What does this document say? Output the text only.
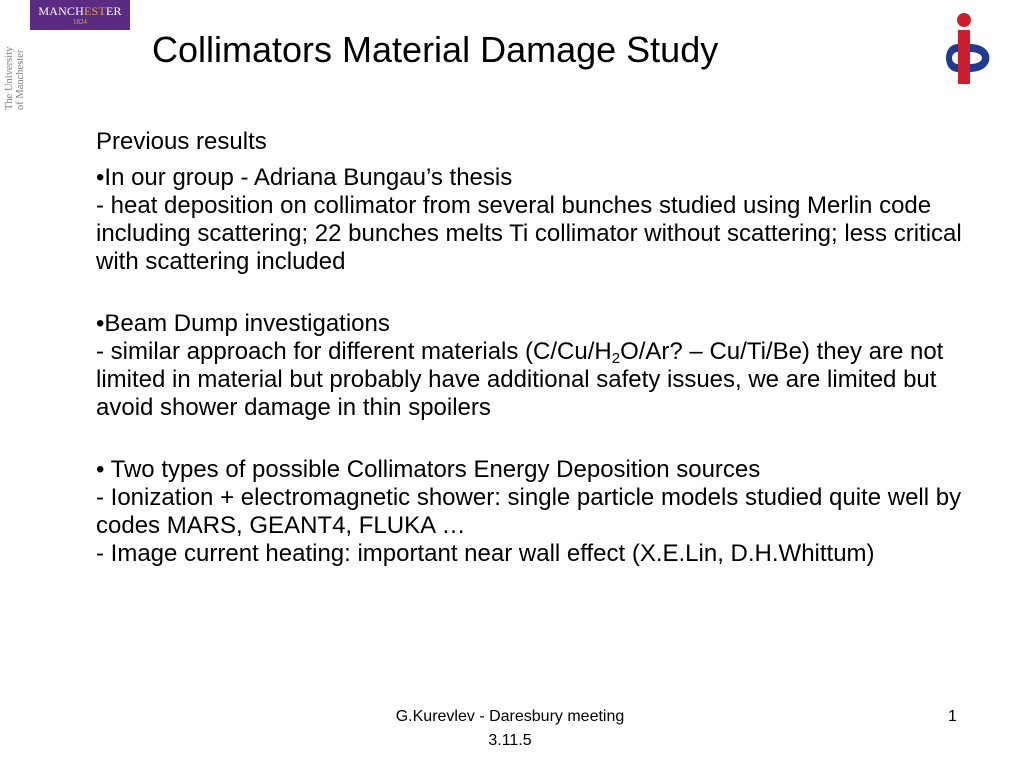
MANCHESTER
1824
The University of Manchester
Collimators Material Damage Study

Previous results

•In our group - Adriana Bungau’s thesis

- heat deposition on collimator from several bunches studied using Merlin code including scattering; 22 bunches melts Ti collimator without scattering; less critical with scattering included

•Beam Dump investigations

- similar approach for different materials ($C/Cu/H_2O/Ar$? – Cu/Ti/Be) they are not limited in material but probably have additional safety issues, we are limited but avoid shower damage in thin spoilers

• Two types of possible Collimators Energy Deposition sources

- Ionization + electromagnetic shower: single particle models studied quite well by codes MARS, GEANT4, FLUKA …

- Image current heating: important near wall effect (X.E.Lin, D.H.Whittum)

G.Kurevlev - Daresbury meeting
3.11.5
1
